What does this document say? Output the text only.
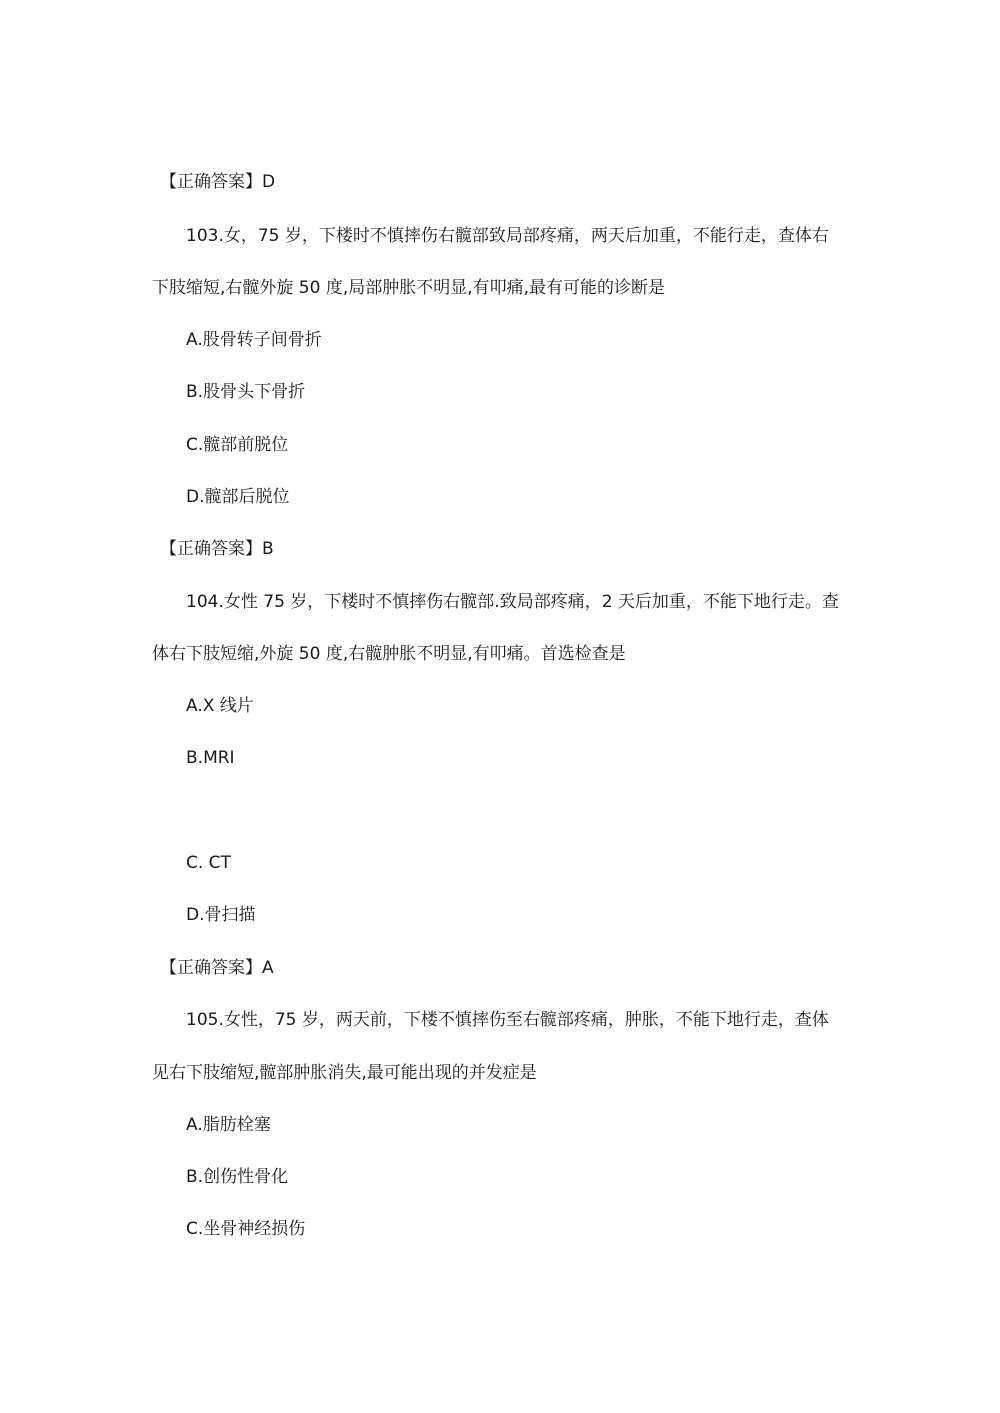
【正确答案】D
103.女，75 岁，下楼时不慎摔伤右髋部致局部疼痛，两天后加重，不能行走，查体右
下肢缩短,右髋外旋 50 度,局部肿胀不明显,有叩痛,最有可能的诊断是
A.股骨转子间骨折
B.股骨头下骨折
C.髋部前脱位
D.髋部后脱位
【正确答案】B
104.女性 75 岁，下楼时不慎摔伤右髋部.致局部疼痛，2 天后加重，不能下地行走。查
体右下肢短缩,外旋 50 度,右髋肿胀不明显,有叩痛。首选检查是
A.X 线片
B.MRI
C. CT
D.骨扫描
【正确答案】A
105.女性，75 岁，两天前，下楼不慎摔伤至右髋部疼痛，肿胀，不能下地行走，查体
见右下肢缩短,髋部肿胀消失,最可能出现的并发症是
A.脂肪栓塞
B.创伤性骨化
C.坐骨神经损伤
